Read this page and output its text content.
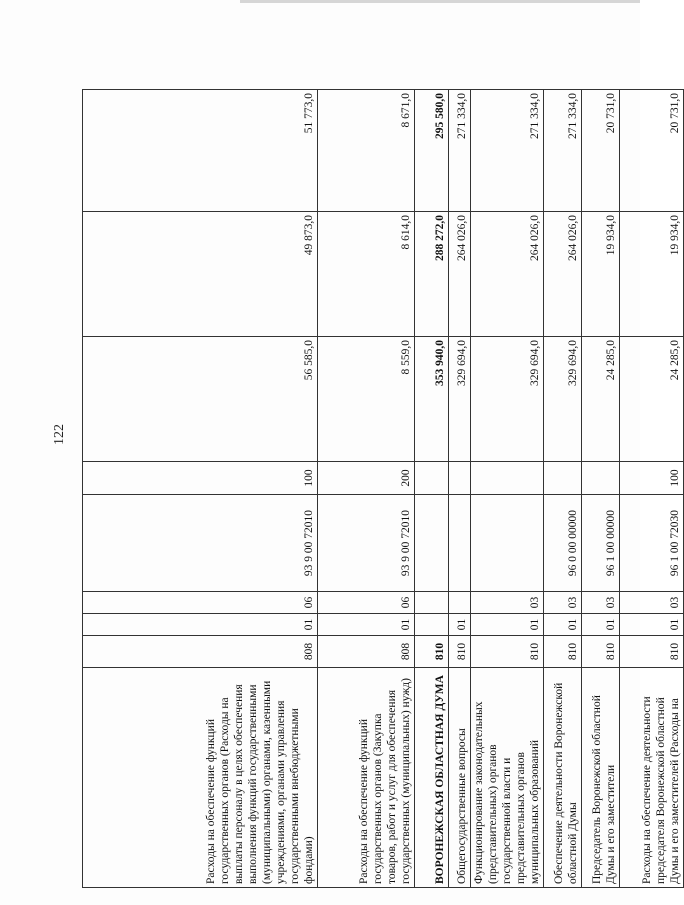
122
Расходы на обеспечение функций государственных органов (Расходы на выплаты персоналу в целях обеспечения выполнения функций государственными (муниципальными) органами, казенными учреждениями, органами управления государственными внебюджетными фондами)	808	01	06	93 9 00 72010	100	56 585,0	49 873,0	51 773,0
Расходы на обеспечение функций государственных органов (Закупка товаров, работ и услуг для обеспечения государственных (муниципальных) нужд)	808	01	06	93 9 00 72010	200	8 559,0	8 614,0	8 671,0
ВОРОНЕЖСКАЯ ОБЛАСТНАЯ ДУМА	810					353 940,0	288 272,0	295 580,0
Общегосударственные вопросы	810	01				329 694,0	264 026,0	271 334,0
Функционирование законодательных (представительных) органов государственной власти и представительных органов муниципальных образований	810	01	03			329 694,0	264 026,0	271 334,0
Обеспечение деятельности Воронежской областной Думы	810	01	03	96 0 00 00000		329 694,0	264 026,0	271 334,0
Председатель Воронежской областной Думы и его заместители	810	01	03	96 1 00 00000		24 285,0	19 934,0	20 731,0
Расходы на обеспечение деятельности председателя Воронежской областной Думы и его заместителей (Расходы на	810	01	03	96 1 00 72030	100	24 285,0	19 934,0	20 731,0
